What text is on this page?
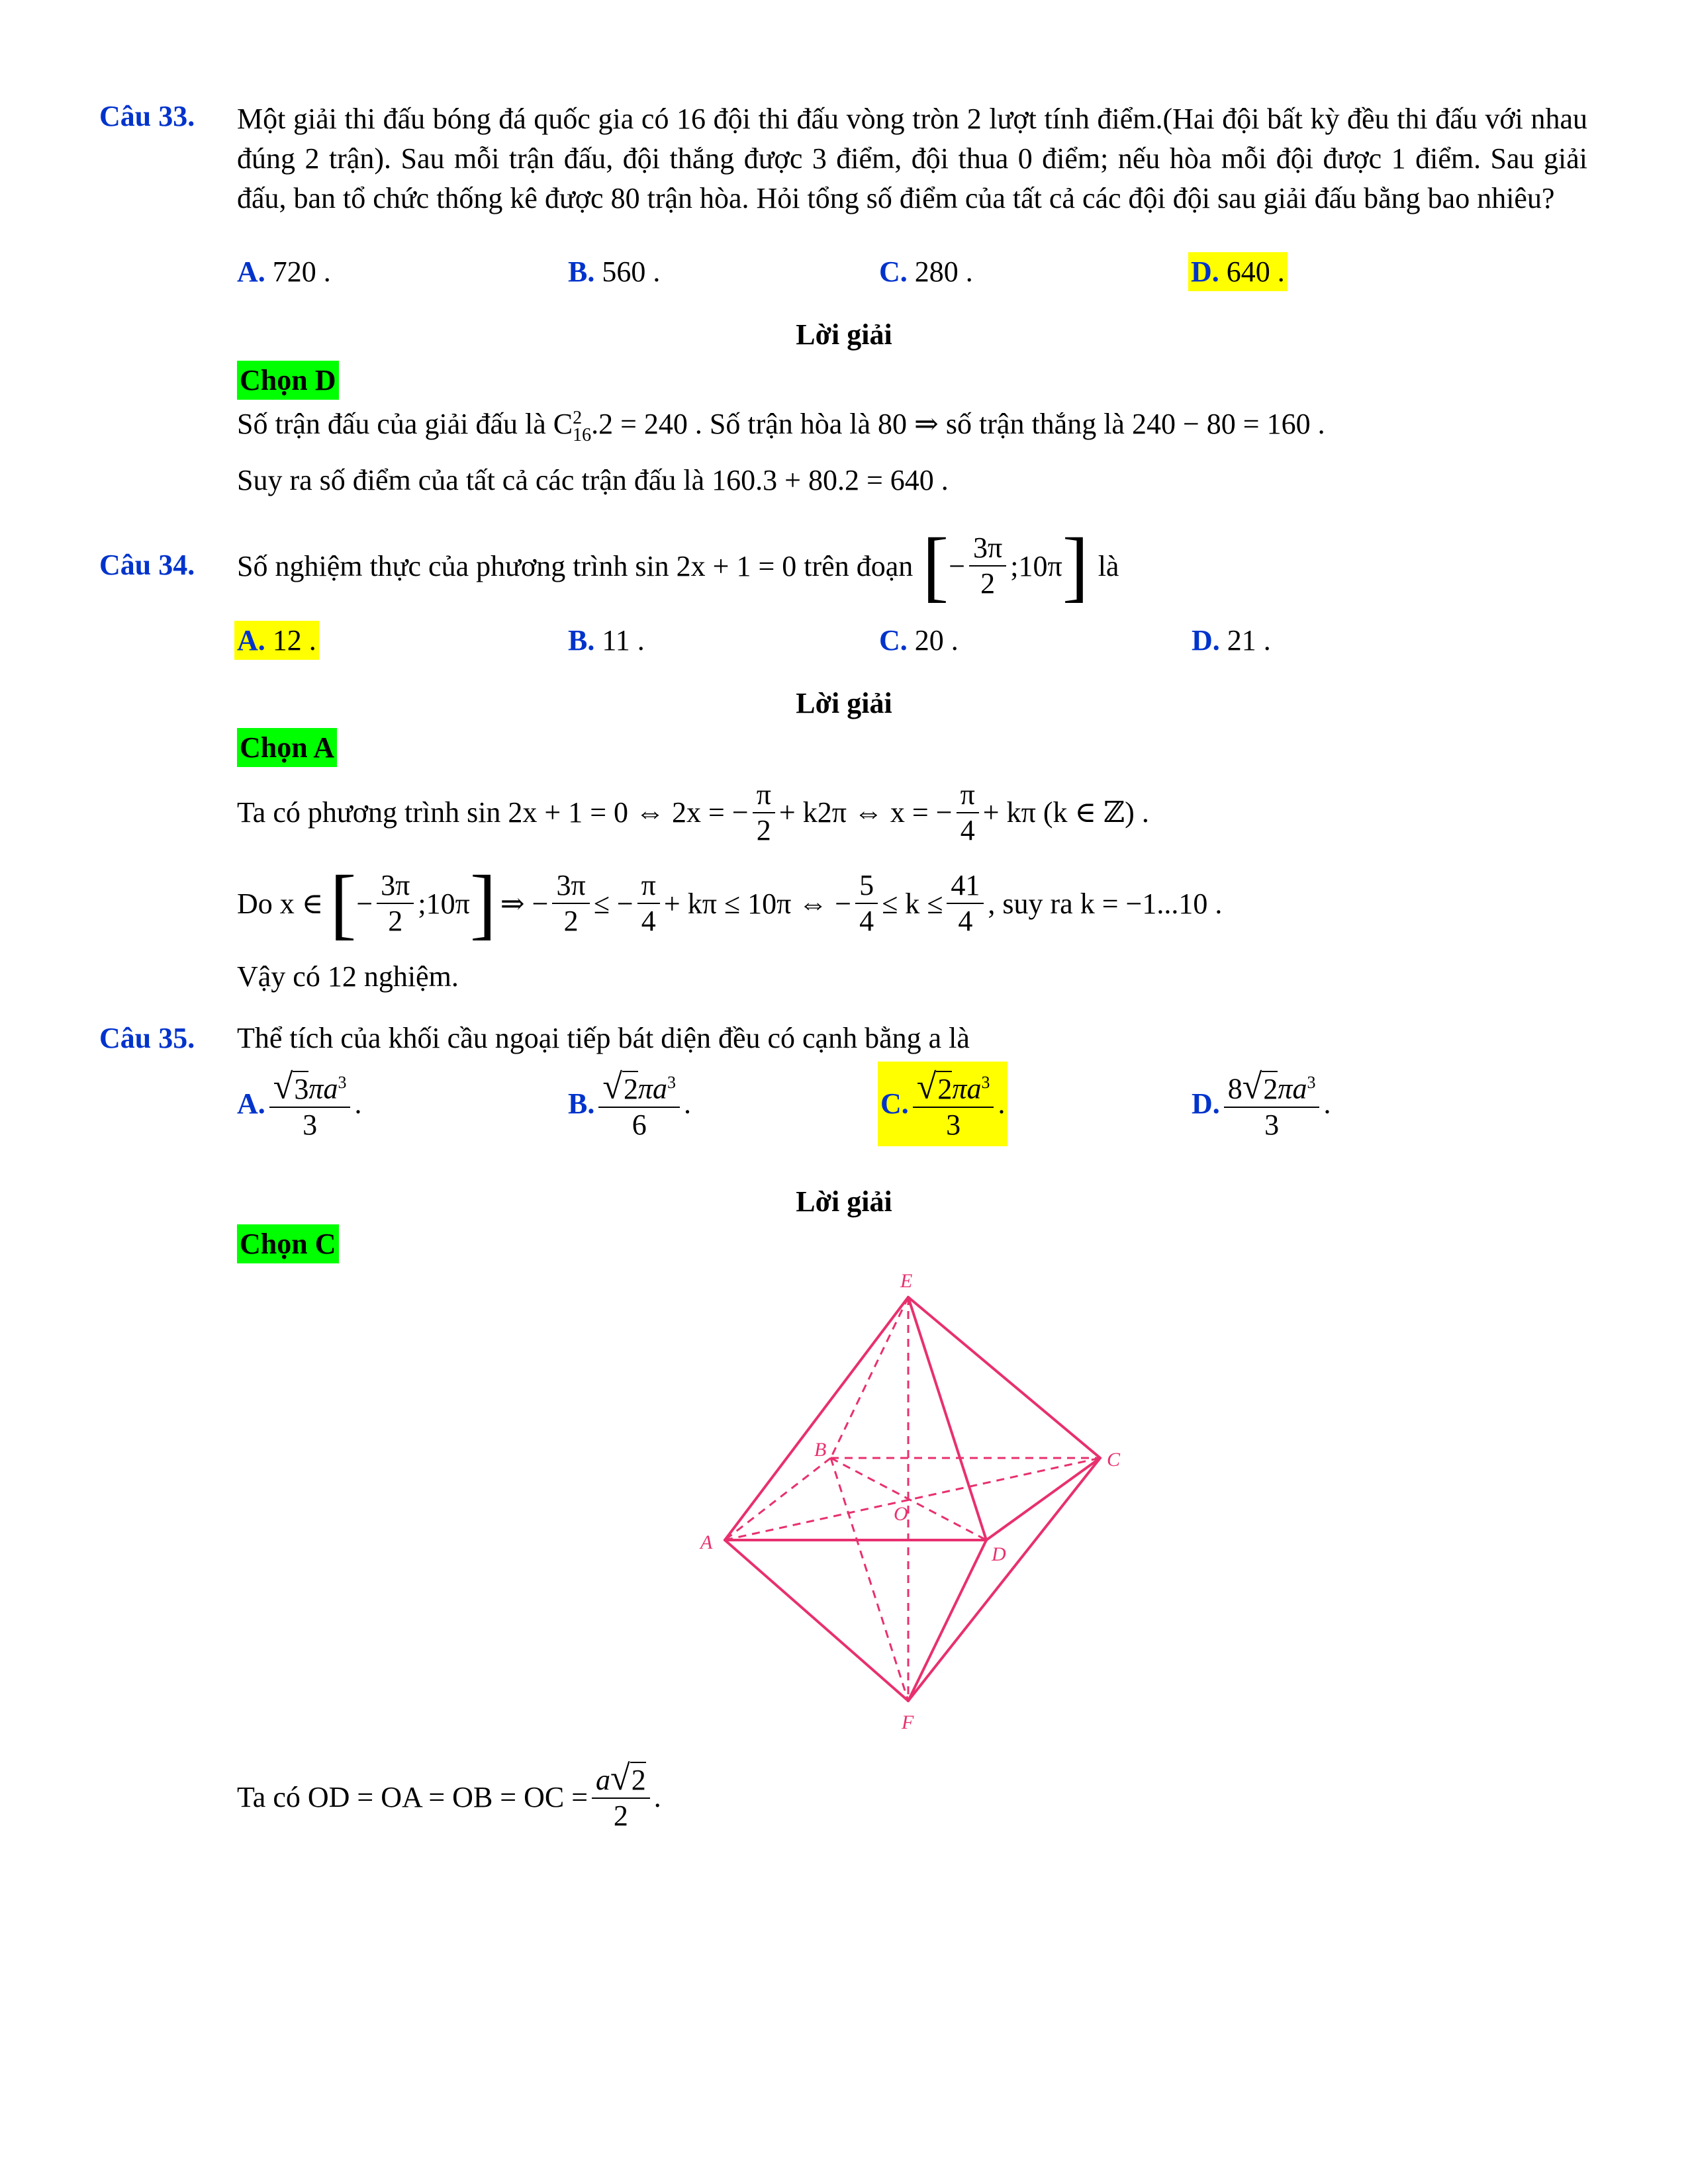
Câu 33. Một giải thi đấu bóng đá quốc gia có 16 đội thi đấu vòng tròn 2 lượt tính điểm.(Hai đội bất kỳ đều thi đấu với nhau đúng 2 trận). Sau mỗi trận đấu, đội thắng được 3 điểm, đội thua 0 điểm; nếu hòa mỗi đội được 1 điểm. Sau giải đấu, ban tổ chức thống kê được 80 trận hòa. Hỏi tổng số điểm của tất cả các đội đội sau giải đấu bằng bao nhiêu?
A. 720 .	B. 560 .	C. 280 .	D. 640 .
Lời giải
Chọn D
Số trận đấu của giải đấu là C 2
16 .2 = 240 . Số trận hòa là 80 ⇒ số trận thắng là 240 − 80 = 160 .
Suy ra số điểm của tất cả các trận đấu là 160.3 + 80.2 = 640 .
Câu 34. Số nghiệm thực của phương trình sin 2x + 1 = 0 trên đoạn [ − $\frac{3\pi}{2}$ ;10π ] là
A. 12 .	B. 11 .	C. 20 .	D. 21 .
Lời giải
Chọn A
Ta có phương trình sin 2x + 1 = 0 ⇔ 2x = − $\frac{\pi}{2} + k2\pi$ ⇔ x = − $\frac{\pi}{4} + k\pi$ (k ∈ ℤ) .
Do x ∈ [ − $\frac{3\pi}{2}$ ;10π ] ⇒ − $\frac{3\pi}{2}$ ≤ − $\frac{\pi}{4} + k\pi \le 10\pi$ ⇔ − $\frac{5}{4} \le k \le \frac{41}{4}$ , suy ra k = −1...10 .
Vậy có 12 nghiệm.
Câu 35. Thể tích của khối cầu ngoại tiếp bát diện đều có cạnh bằng a là
A. $\frac{√3\pi a^3}{3}$ .	B. $\frac{√2\pi a^3}{6}$ .	C. $\frac{√2\pi a^3}{3}$ .	D. $\frac{8√2\pi a^3}{3}$ .
Lời giải
Chọn C
E
B	C
O
A
D
F
Ta có OD = OA = OB = OC = $\frac{a√2}{2}$ .
